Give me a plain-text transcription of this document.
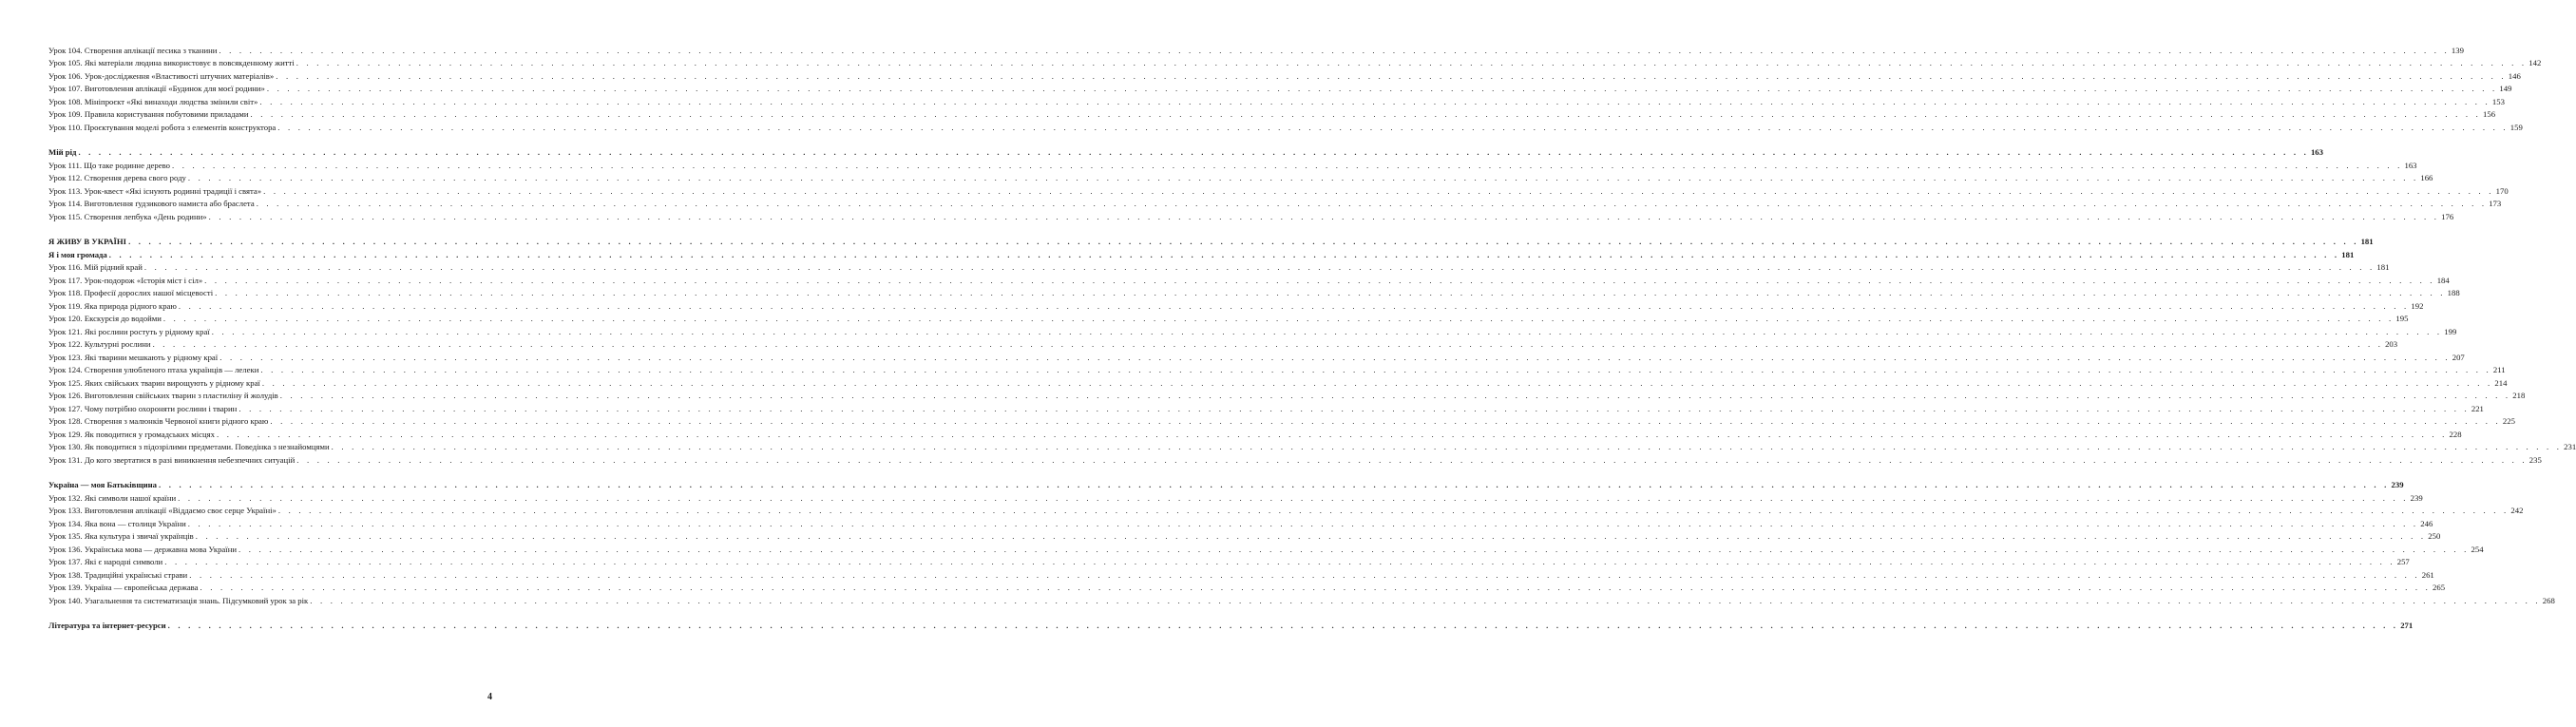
Урок 104. Створення аплікації песика з тканини . . .	139
Урок 105. Які матеріали людина використовує в повсякденному житті . . .	142
Урок 106. Урок-дослідження «Властивості штучних матеріалів» . . .	146
Урок 107. Виготовлення аплікації «Будинок для моєї родини» . . .	149
Урок 108. Мініпроєкт «Які винаходи людства змінили світ» . . .	153
Урок 109. Правила користування побутовими приладами . . .	156
Урок 110. Проєктування моделі робота з елементів конструктора . . .	159
Мій рід . . .	163
Урок 111. Що таке родинне дерево . . .	163
Урок 112. Створення дерева свого роду . . .	166
Урок 113. Урок-квест «Які існують родинні традиції і свята» . . .	170
Урок 114. Виготовлення ґудзикового намиста або браслета . . .	173
Урок 115. Створення лепбука «День родини» . . .	176
Я ЖИВУ В УКРАЇНІ . . .	181
Я і моя громада . . .	181
Урок 116. Мій рідний край . . .	181
Урок 117. Урок-подорож «Історія міст і сіл» . . .	184
Урок 118. Професії дорослих нашої місцевості . . .	188
Урок 119. Яка природа рідного краю . . .	192
Урок 120. Екскурсія до водойми . . .	195
Урок 121. Які рослини ростуть у рідному краї . . .	199
Урок 122. Культурні рослини . . .	203
Урок 123. Які тварини мешкають у рідному краї . . .	207
Урок 124. Створення улюбленого птаха українців — лелеки . . .	211
Урок 125. Яких свійських тварин вирощують у рідному краї . . .	214
Урок 126. Виготовлення свійських тварин з пластиліну й жолудів . . .	218
Урок 127. Чому потрібно охороняти рослини і тварин . . .	221
Урок 128. Створення з малюнків Червоної книги рідного краю . . .	225
Урок 129. Як поводитися у громадських місцях . . .	228
Урок 130. Як поводитися з підозрілими предметами. Поведінка з незнайомцями . . .	231
Урок 131. До кого звертатися в разі виникнення небезпечних ситуацій . . .	235
Україна — моя Батьківщина . . .	239
Урок 132. Які символи нашої країни . . .	239
Урок 133. Виготовлення аплікації «Віддаємо своє серце Україні» . . .	242
Урок 134. Яка вона — столиця України . . .	246
Урок 135. Яка культура і звичаї українців . . .	250
Урок 136. Українська мова — державна мова України . . .	254
Урок 137. Які є народні символи . . .	257
Урок 138. Традиційні українські страви . . .	261
Урок 139. Україна — європейська держава . . .	265
Урок 140. Узагальнення та систематизація знань. Підсумковий урок за рік . . .	268
Література та інтернет-ресурси . . .	271
4
